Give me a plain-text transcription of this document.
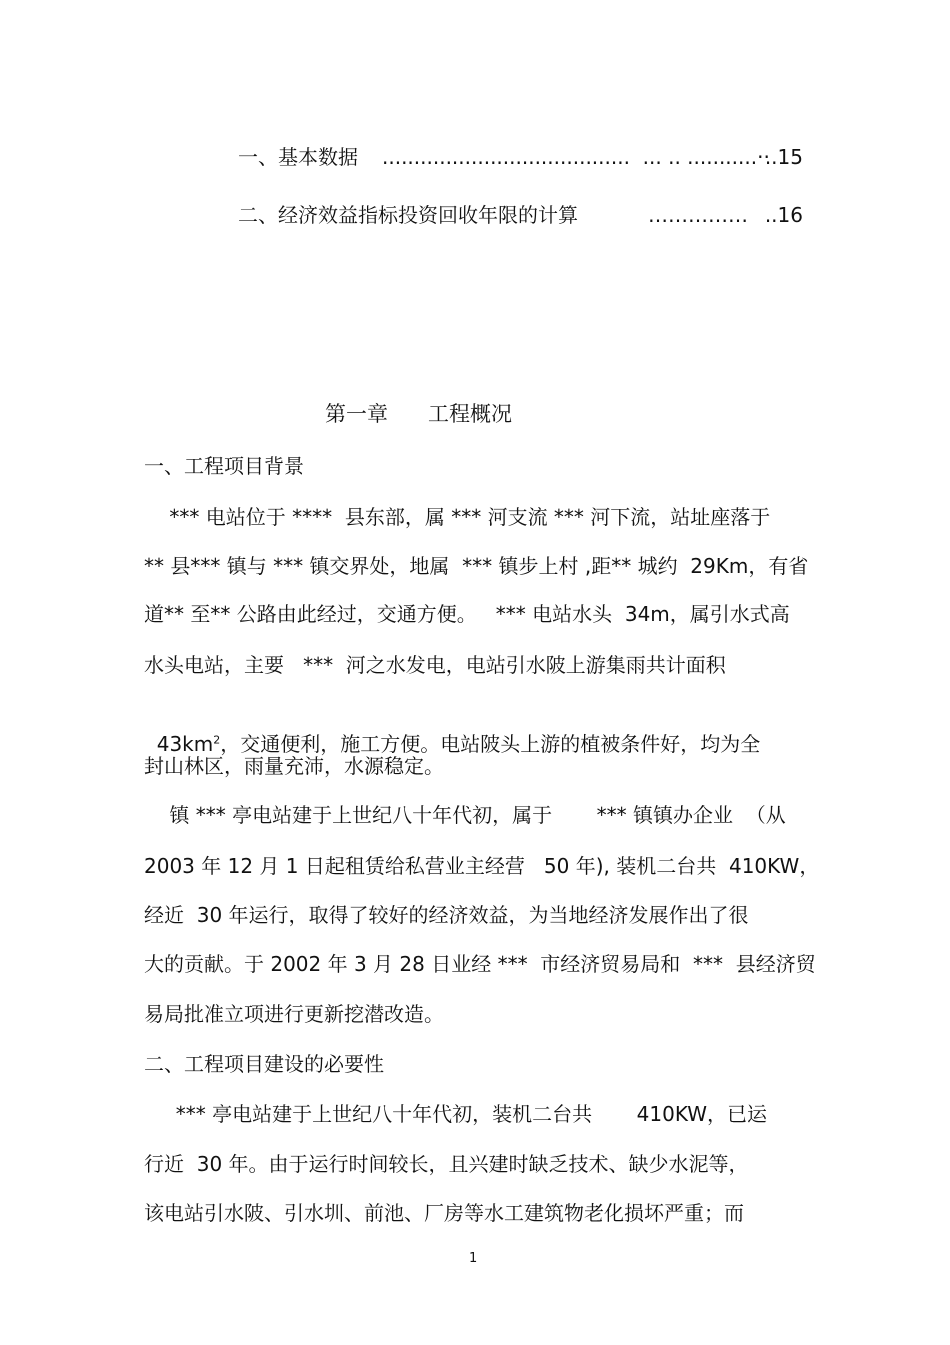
一、基本数据 .......................................  ... .. ...........··
..15
二、经济效益指标投资回收年限的计算	…………… ..16
第一章      工程概况
一、工程项目背景
*** 电站位于 ****  县东部，属 *** 河支流 *** 河下流，站址座落于
** 县*** 镇与 *** 镇交界处，地属  *** 镇步上村 ,距** 城约  29Km，有省
道** 至** 公路由此经过，交通方便。   *** 电站水头  34m，属引水式高
水头电站，主要   ***  河之水发电，电站引水陂上游集雨共计面积

$43km^2$，交通便利，施工方便。电站陂头上游的植被条件好，均为全

封山林区，雨量充沛，水源稳定。
镇 *** 亭电站建于上世纪八十年代初，属于       *** 镇镇办企业  （从
2003 年 12 月 1 日起租赁给私营业主经营   50 年), 装机二台共  410KW，
经近  30 年运行，取得了较好的经济效益，为当地经济发展作出了很
大的贡献。于 2002 年 3 月 28 日业经 ***  市经济贸易局和  ***  县经济贸
易局批准立项进行更新挖潜改造。
二、工程项目建设的必要性
*** 亭电站建于上世纪八十年代初，装机二台共       410KW，已运
行近  30 年。由于运行时间较长，且兴建时缺乏技术、缺少水泥等，
该电站引水陂、引水圳、前池、厂房等水工建筑物老化损坏严重；而
1
